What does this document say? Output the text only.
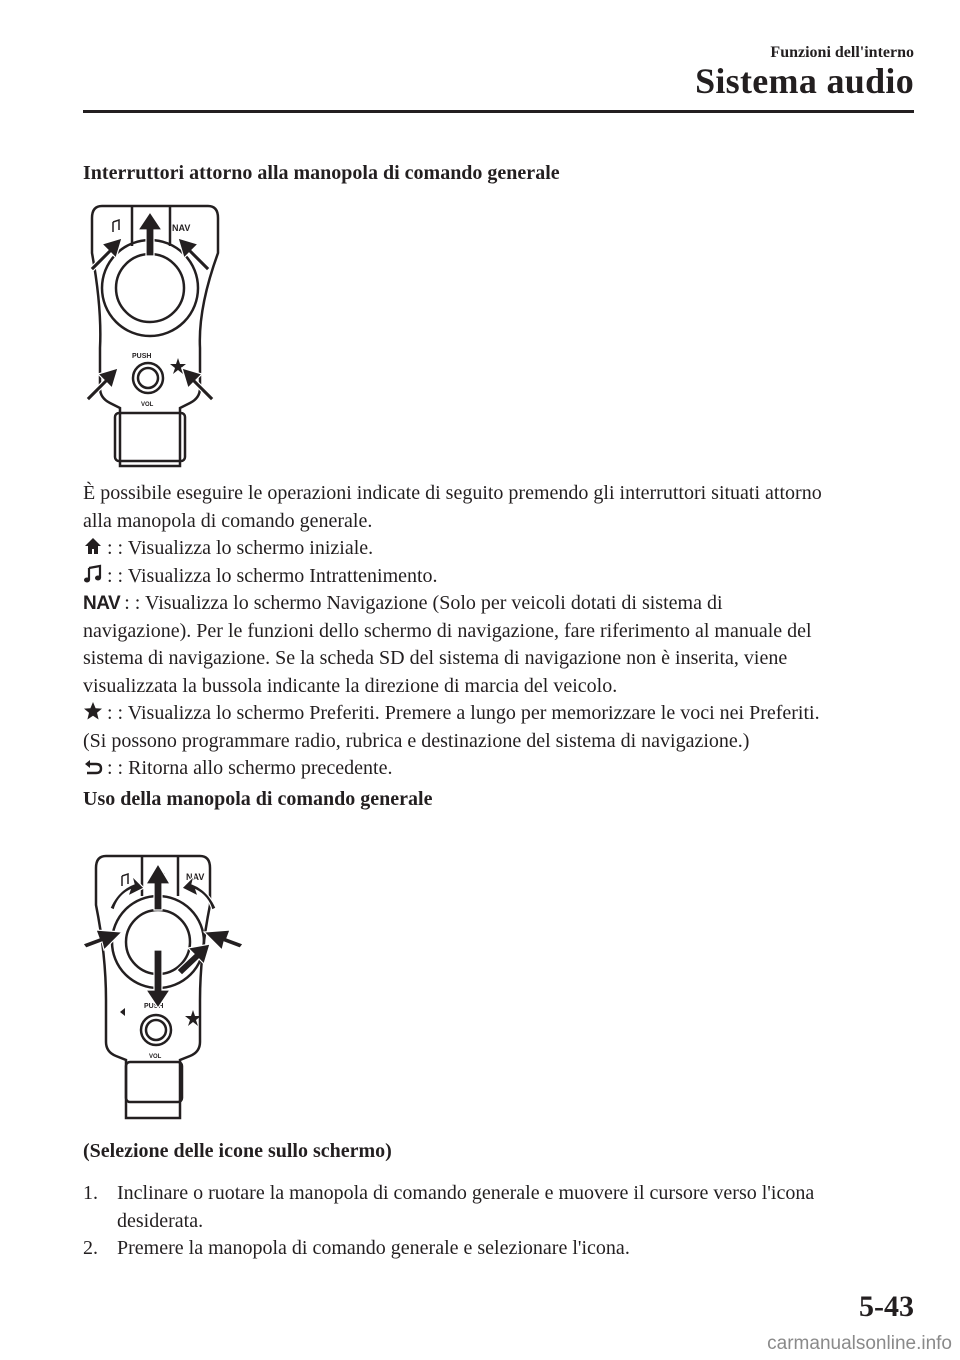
Funzioni dell'interno
Sistema audio
Interruttori attorno alla manopola di comando generale
NAV
PUSH
VOL
È possibile eseguire le operazioni indicate di seguito premendo gli interruttori situati attorno
alla manopola di comando generale.
: : Visualizza lo schermo iniziale.
: : Visualizza lo schermo Intrattenimento.
NAV : : Visualizza lo schermo Navigazione (Solo per veicoli dotati di sistema di
navigazione). Per le funzioni dello schermo di navigazione, fare riferimento al manuale del
sistema di navigazione. Se la scheda SD del sistema di navigazione non è inserita, viene
visualizzata la bussola indicante la direzione di marcia del veicolo.
: : Visualizza lo schermo Preferiti. Premere a lungo per memorizzare le voci nei Preferiti.
(Si possono programmare radio, rubrica e destinazione del sistema di navigazione.)
: : Ritorna allo schermo precedente.
Uso della manopola di comando generale
NAV
PUSH
VOL
(Selezione delle icone sullo schermo)
1. Inclinare o ruotare la manopola di comando generale e muovere il cursore verso l'icona
desiderata.
2. Premere la manopola di comando generale e selezionare l'icona.
5-43
carmanualsonline.info
